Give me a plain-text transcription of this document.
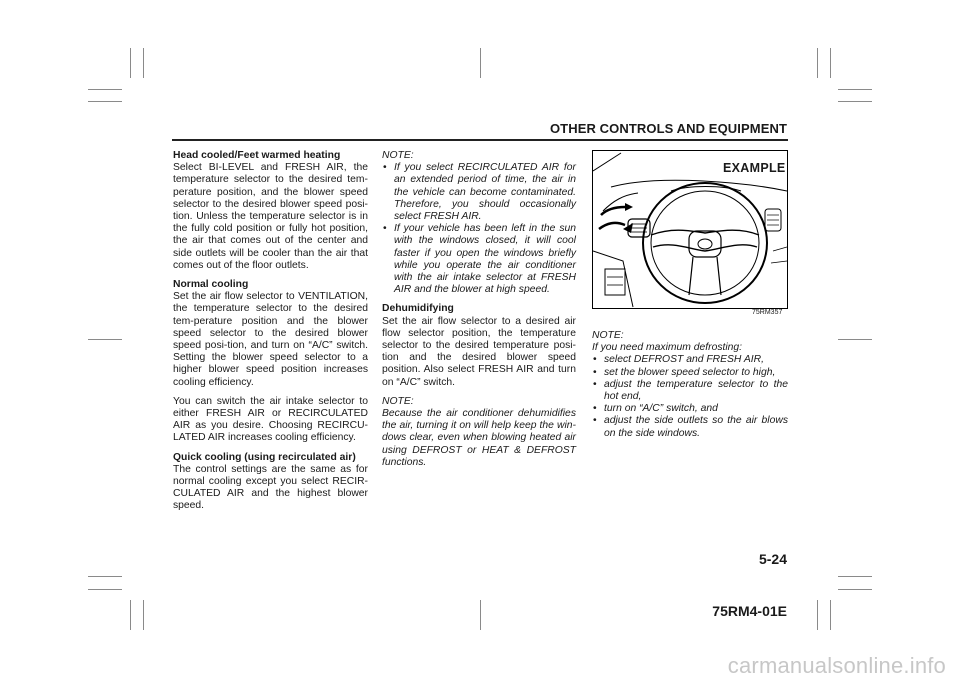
OTHER CONTROLS AND EQUIPMENT

Head cooled/Feet warmed heating
Select BI-LEVEL and FRESH AIR, the temperature selector to the desired tem-perature position, and the blower speed selector to the desired blower speed posi-tion. Unless the temperature selector is in the fully cold position or fully hot position, the air that comes out of the center and side outlets will be cooler than the air that comes out of the floor outlets.

Normal cooling
Set the air flow selector to VENTILATION, the temperature selector to the desired tem-perature position and the blower speed selector to the desired blower speed posi-tion, and turn on “A/C” switch. Setting the blower speed selector to a higher blower speed position increases cooling efficiency.

You can switch the air intake selector to either FRESH AIR or RECIRCULATED AIR as you desire. Choosing RECIRCU-LATED AIR increases cooling efficiency.

Quick cooling (using recirculated air)
The control settings are the same as for normal cooling except you select RECIR-CULATED AIR and the highest blower speed.

NOTE:
• If you select RECIRCULATED AIR for an extended period of time, the air in the vehicle can become contaminated. Therefore, you should occasionally select FRESH AIR.
• If your vehicle has been left in the sun with the windows closed, it will cool faster if you open the windows briefly while you operate the air conditioner with the air intake selector at FRESH AIR and the blower at high speed.

Dehumidifying
Set the air flow selector to a desired air flow selector position, the temperature selector to the desired temperature posi-tion and the desired blower speed position. Also select FRESH AIR and turn on “A/C” switch.

NOTE:
Because the air conditioner dehumidifies the air, turning it on will help keep the win-dows clear, even when blowing heated air using DEFROST or HEAT & DEFROST functions.

EXAMPLE
75RM357
NOTE:
If you need maximum defrosting:
• select DEFROST and FRESH AIR,
• set the blower speed selector to high,
• adjust the temperature selector to the hot end,
• turn on “A/C” switch, and
• adjust the side outlets so the air blows on the side windows.
5-24
75RM4-01E
carmanualsonline.info
